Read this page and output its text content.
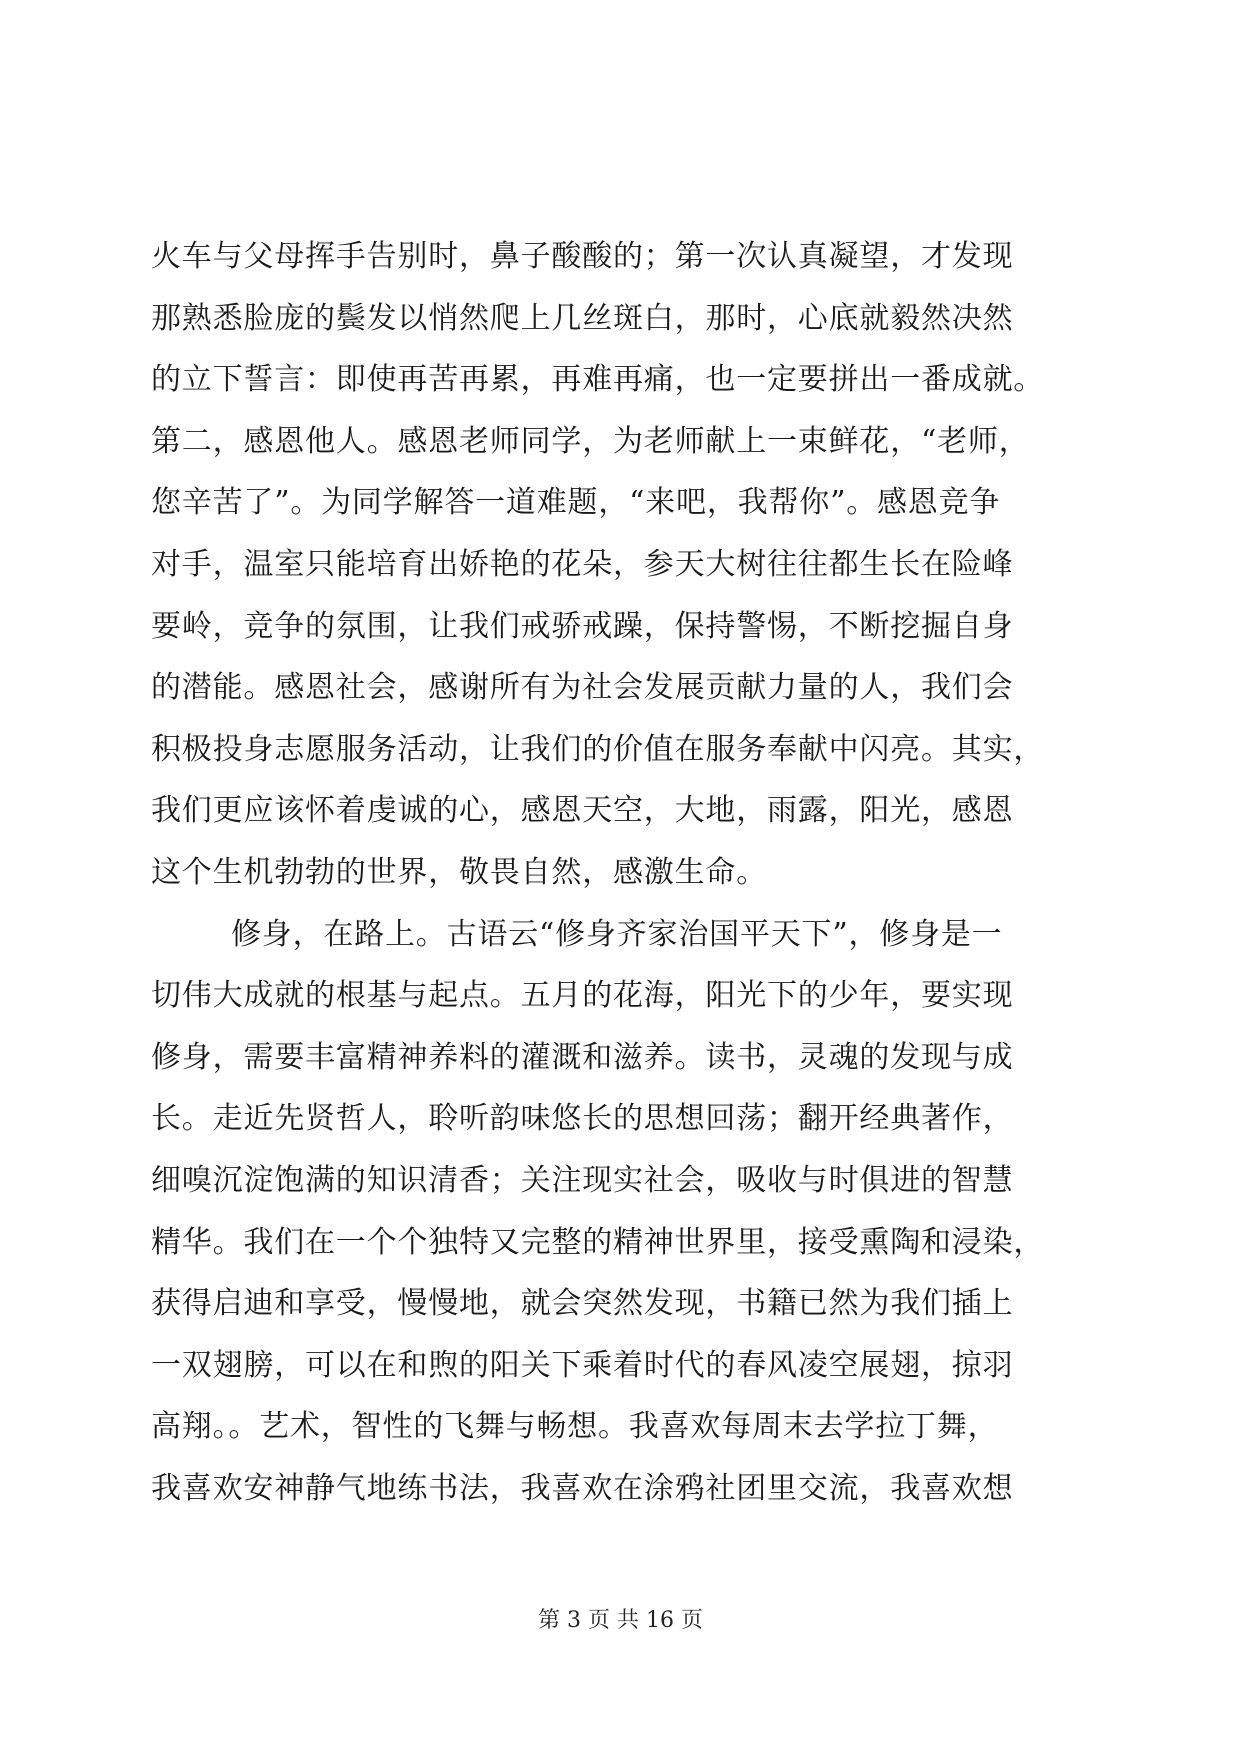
火车与父母挥手告别时，鼻子酸酸的；第一次认真凝望，才发现
那熟悉脸庞的鬓发以悄然爬上几丝斑白，那时，心底就毅然决然
的立下誓言：即使再苦再累，再难再痛，也一定要拼出一番成就。
第二，感恩他人。感恩老师同学，为老师献上一束鲜花，“老师，
您辛苦了”。为同学解答一道难题，“来吧，我帮你”。感恩竞争
对手，温室只能培育出娇艳的花朵，参天大树往往都生长在险峰
要岭，竞争的氛围，让我们戒骄戒躁，保持警惕，不断挖掘自身
的潜能。感恩社会，感谢所有为社会发展贡献力量的人，我们会
积极投身志愿服务活动，让我们的价值在服务奉献中闪亮。其实，
我们更应该怀着虔诚的心，感恩天空，大地，雨露，阳光，感恩
这个生机勃勃的世界，敬畏自然，感激生命。
修身，在路上。古语云“修身齐家治国平天下”，修身是一
切伟大成就的根基与起点。五月的花海，阳光下的少年，要实现
修身，需要丰富精神养料的灌溉和滋养。读书，灵魂的发现与成
长。走近先贤哲人，聆听韵味悠长的思想回荡；翻开经典著作，
细嗅沉淀饱满的知识清香；关注现实社会，吸收与时俱进的智慧
精华。我们在一个个独特又完整的精神世界里，接受熏陶和浸染，
获得启迪和享受，慢慢地，就会突然发现，书籍已然为我们插上
一双翅膀，可以在和煦的阳关下乘着时代的春风凌空展翅，掠羽
高翔。。艺术，智性的飞舞与畅想。我喜欢每周末去学拉丁舞，
我喜欢安神静气地练书法，我喜欢在涂鸦社团里交流，我喜欢想
第 3 页 共 16 页
